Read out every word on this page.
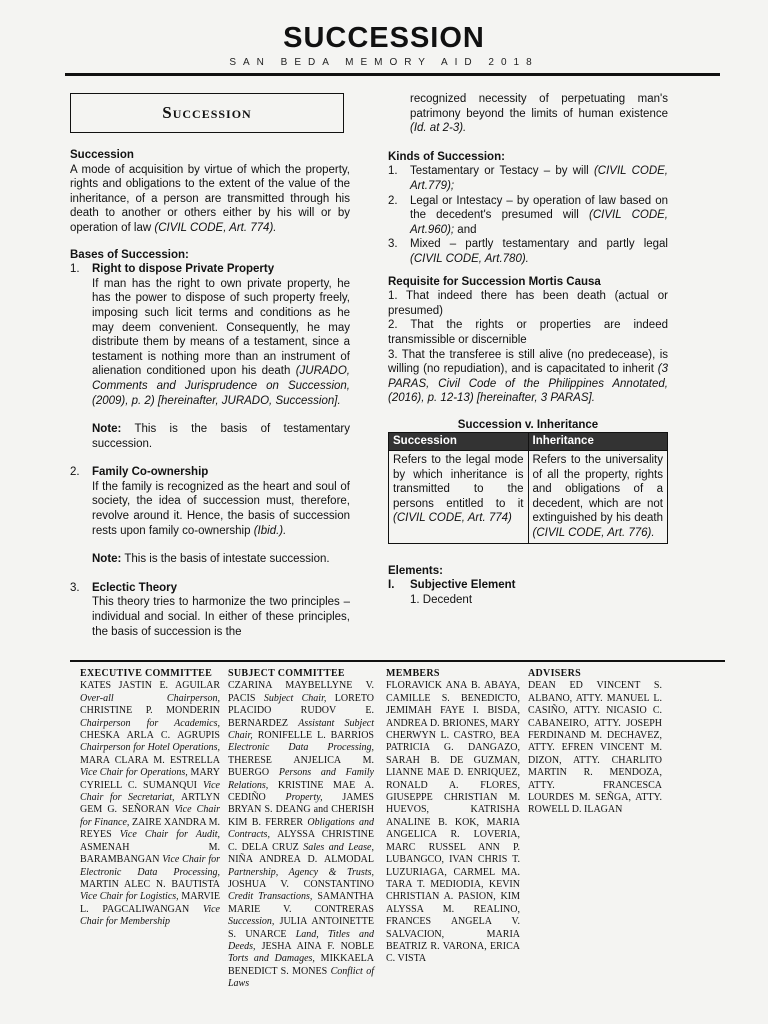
SUCCESSION
SAN BEDA MEMORY AID 2018
Succession

Succession

A mode of acquisition by virtue of which the property, rights and obligations to the extent of the value of the inheritance, of a person are transmitted through his death to another or others either by his will or by operation of law (CIVIL CODE, Art. 774).

Bases of Succession:

1.	Right to dispose Private Property

If man has the right to own private property, he has the power to dispose of such property freely, imposing such licit terms and conditions as he may deem convenient. Consequently, he may distribute them by means of a testament, since a testament is nothing more than an instrument of alienation conditioned upon his death (JURADO, Comments and Jurisprudence on Succession, (2009), p. 2) [hereinafter, JURADO, Succession].

Note: This is the basis of testamentary succession.

2.	Family Co-ownership

If the family is recognized as the heart and soul of society, the idea of succession must, therefore, revolve around it. Hence, the basis of succession rests upon family co-ownership (Ibid.).

Note: This is the basis of intestate succession.

3.	Eclectic Theory

This theory tries to harmonize the two principles – individual and social. In either of these principles, the basis of succession is the

recognized necessity of perpetuating man's patrimony beyond the limits of human existence (Id. at 2-3).

Kinds of Succession:

1.	Testamentary or Testacy – by will (CIVIL CODE, Art.779);
2.	Legal or Intestacy – by operation of law based on the decedent's presumed will (CIVIL CODE, Art.960); and
3.	Mixed – partly testamentary and partly legal (CIVIL CODE, Art.780).

Requisite for Succession Mortis Causa

1. That indeed there has been death (actual or presumed)

2. That the rights or properties are indeed transmissible or discernible

3. That the transferee is still alive (no predecease), is willing (no repudiation), and is capacitated to inherit (3 PARAS, Civil Code of the Philippines Annotated, (2016), p. 12-13) [hereinafter, 3 PARAS].

Succession v. Inheritance

Succession	Inheritance
Refers to the legal mode by which inheritance is transmitted to the persons entitled to it (CIVIL CODE, Art. 774)	Refers to the universality of all the property, rights and obligations of a decedent, which are not extinguished by his death (CIVIL CODE, Art. 776).

Elements:

I.	Subjective Element

1. Decedent

EXECUTIVE COMMITTEE
KATES JASTIN E. AGUILAR Over-all Chairperson, CHRISTINE P. MONDERIN Chairperson for Academics, CHESKA ARLA C. AGRUPIS Chairperson for Hotel Operations, MARA CLARA M. ESTRELLA Vice Chair for Operations, MARY CYRIELL C. SUMANQUI Vice Chair for Secretariat, ARTLYN GEM G. SEÑORAN Vice Chair for Finance, ZAIRE XANDRA M. REYES Vice Chair for Audit, ASMENAH M. BARAMBANGAN Vice Chair for Electronic Data Processing, MARTIN ALEC N. BAUTISTA Vice Chair for Logistics, MARVIE L. PAGCALIWANGAN Vice Chair for Membership
SUBJECT COMMITTEE
CZARINA MAYBELLYNE V. PACIS Subject Chair, LORETO PLACIDO RUDOV E. BERNARDEZ Assistant Subject Chair, RONIFELLE L. BARRIOS Electronic Data Processing, THERESE ANJELICA M. BUERGO Persons and Family Relations, KRISTINE MAE A. CEDIÑO Property, JAMES BRYAN S. DEANG and CHERISH KIM B. FERRER Obligations and Contracts, ALYSSA CHRISTINE C. DELA CRUZ Sales and Lease, NIÑA ANDREA D. ALMODAL Partnership, Agency & Trusts, JOSHUA V. CONSTANTINO Credit Transactions, SAMANTHA MARIE V. CONTRERAS Succession, JULIA ANTOINETTE S. UNARCE Land, Titles and Deeds, JESHA AINA F. NOBLE Torts and Damages, MIKKAELA BENEDICT S. MONES Conflict of Laws
MEMBERS
FLORAVICK ANA B. ABAYA, CAMILLE S. BENEDICTO, JEMIMAH FAYE I. BISDA, ANDREA D. BRIONES, MARY CHERWYN L. CASTRO, BEA PATRICIA G. DANGAZO, SARAH B. DE GUZMAN, LIANNE MAE D. ENRIQUEZ, RONALD A. FLORES, GIUSEPPE CHRISTIAN M. HUEVOS, KATRISHA ANALINE B. KOK, MARIA ANGELICA R. LOVERIA, MARC RUSSEL ANN P. LUBANGCO, IVAN CHRIS T. LUZURIAGA, CARMEL MA. TARA T. MEDIODIA, KEVIN CHRISTIAN A. PASION, KIM ALYSSA M. REALINO, FRANCES ANGELA V. SALVACION, MARIA BEATRIZ R. VARONA, ERICA C. VISTA
ADVISERS
DEAN ED VINCENT S. ALBANO, ATTY. MANUEL L. CASIÑO, ATTY. NICASIO C. CABANEIRO, ATTY. JOSEPH FERDINAND M. DECHAVEZ, ATTY. EFREN VINCENT M. DIZON, ATTY. CHARLITO MARTIN R. MENDOZA, ATTY. FRANCESCA LOURDES M. SEÑGA, ATTY. ROWELL D. ILAGAN
